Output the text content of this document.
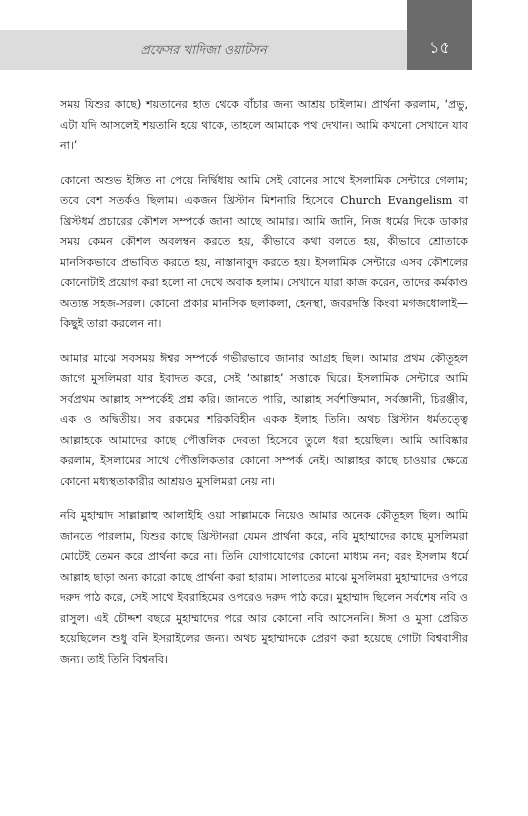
প্রফেসর খাদিজা ওয়াটসন	১৫

সময় যিশুর কাছে) শয়তানের হাত থেকে বাঁচার জন্য আশ্রয় চাইলাম। প্রার্থনা করলাম, ‘প্রভু, এটা যদি আসলেই শয়তানি হয়ে থাকে, তাহলে আমাকে পথ দেখান। আমি কখনো সেখানে যাব না।’

কোনো অশুভ ইঙ্গিত না পেয়ে নির্দ্বিধায় আমি সেই বোনের সাথে ইসলামিক সেন্টারে গেলাম; তবে বেশ সতর্কও ছিলাম। একজন খ্রিস্টান মিশনারি হিসেবে Church Evangelism বা খ্রিস্টধর্ম প্রচারের কৌশল সম্পর্কে জানা আছে আমার। আমি জানি, নিজ ধর্মের দিকে ডাকার সময় কেমন কৌশল অবলম্বন করতে হয়, কীভাবে কথা বলতে হয়, কীভাবে শ্রোতাকে মানসিকভাবে প্রভাবিত করতে হয়, নাস্তানাবুদ করতে হয়। ইসলামিক সেন্টারে এসব কৌশলের কোনোটাই প্রয়োগ করা হলো না দেখে অবাক হলাম। সেখানে যারা কাজ করেন, তাদের কর্মকাণ্ড অত্যন্ত সহজ-সরল। কোনো প্রকার মানসিক ছলাকলা, হেনস্থা, জবরদস্তি কিংবা মগজধোলাই—কিছুই তারা করলেন না।

আমার মাঝে সবসময় ঈশ্বর সম্পর্কে গভীরভাবে জানার আগ্রহ ছিল। আমার প্রথম কৌতূহল জাগে মুসলিমরা যার ইবাদত করে, সেই ‘আল্লাহ’ সত্তাকে ঘিরে। ইসলামিক সেন্টারে আমি সর্বপ্রথম আল্লাহ সম্পর্কেই প্রশ্ন করি। জানতে পারি, আল্লাহ সর্বশক্তিমান, সর্বজ্ঞানী, চিরঞ্জীব, এক ও অদ্বিতীয়। সব রকমের শরিকবিহীন একক ইলাহ তিনি। অথচ খ্রিস্টান ধর্মতত্ত্বে আল্লাহকে আমাদের কাছে পৌত্তলিক দেবতা হিসেবে তুলে ধরা হয়েছিল। আমি আবিষ্কার করলাম, ইসলামের সাথে পৌত্তলিকতার কোনো সম্পর্ক নেই। আল্লাহর কাছে চাওয়ার ক্ষেত্রে কোনো মধ্যস্থতাকারীর আশ্রয়ও মুসলিমরা নেয় না।

নবি মুহাম্মাদ সাল্লাল্লাহু আলাইহি ওয়া সাল্লামকে নিয়েও আমার অনেক কৌতূহল ছিল। আমি জানতে পারলাম, যিশুর কাছে খ্রিস্টানরা যেমন প্রার্থনা করে, নবি মুহাম্মাদের কাছে মুসলিমরা মোটেই তেমন করে প্রার্থনা করে না। তিনি যোগাযোগের কোনো মাধ্যম নন; বরং ইসলাম ধর্মে আল্লাহ ছাড়া অন্য কারো কাছে প্রার্থনা করা হারাম। সালাতের মাঝে মুসলিমরা মুহাম্মাদের ওপরে দরুদ পাঠ করে, সেই সাথে ইবরাহিমের ওপরেও দরুদ পাঠ করে। মুহাম্মাদ ছিলেন সর্বশেষ নবি ও রাসুল। এই চৌদ্দশ বছরে মুহাম্মাদের পরে আর কোনো নবি আসেননি। ঈসা ও মুসা প্রেরিত হয়েছিলেন শুধু বনি ইসরাইলের জন্য। অথচ মুহাম্মাদকে প্রেরণ করা হয়েছে গোটা বিশ্ববাসীর জন্য। তাই তিনি বিশ্বনবি।
